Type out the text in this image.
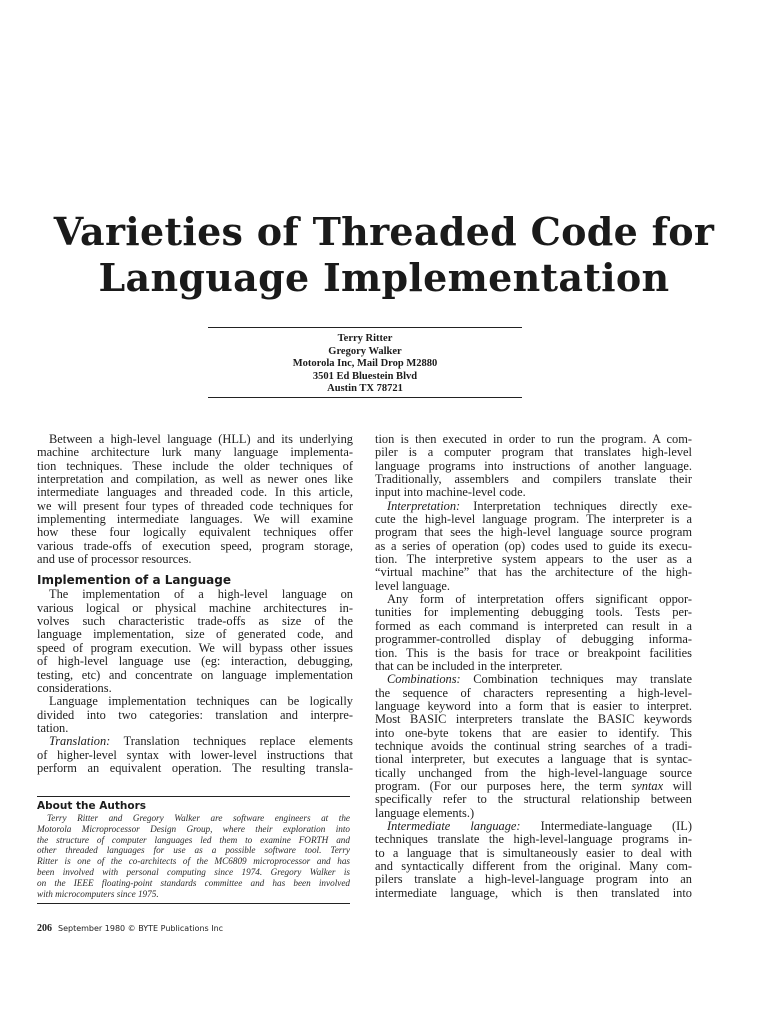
Varieties of Threaded Code for
Language Implementation
Terry Ritter
Gregory Walker
Motorola Inc, Mail Drop M2880
3501 Ed Bluestein Blvd
Austin TX 78721
Between a high-level language (HLL) and its underlying
machine architecture lurk many language implementa-
tion techniques. These include the older techniques of
interpretation and compilation, as well as newer ones like
intermediate languages and threaded code. In this article,
we will present four types of threaded code techniques for
implementing intermediate languages. We will examine
how these four logically equivalent techniques offer
various trade-offs of execution speed, program storage,
and use of processor resources.
Implemention of a Language
The implementation of a high-level language on
various logical or physical machine architectures in-
volves such characteristic trade-offs as size of the
language implementation, size of generated code, and
speed of program execution. We will bypass other issues
of high-level language use (eg: interaction, debugging,
testing, etc) and concentrate on language implementation
considerations.
Language implementation techniques can be logically
divided into two categories: translation and interpre-
tation.
Translation: Translation techniques replace elements
of higher-level syntax with lower-level instructions that
perform an equivalent operation. The resulting transla-
About the Authors
Terry Ritter and Gregory Walker are software engineers at the
Motorola Microprocessor Design Group, where their exploration into
the structure of computer languages led them to examine FORTH and
other threaded languages for use as a possible software tool. Terry
Ritter is one of the co-architects of the MC6809 microprocessor and has
been involved with personal computing since 1974. Gregory Walker is
on the IEEE floating-point standards committee and has been involved
with microcomputers since 1975.
tion is then executed in order to run the program. A com-
piler is a computer program that translates high-level
language programs into instructions of another language.
Traditionally, assemblers and compilers translate their
input into machine-level code.
Interpretation: Interpretation techniques directly exe-
cute the high-level language program. The interpreter is a
program that sees the high-level language source program
as a series of operation (op) codes used to guide its execu-
tion. The interpretive system appears to the user as a
“virtual machine” that has the architecture of the high-
level language.
Any form of interpretation offers significant oppor-
tunities for implementing debugging tools. Tests per-
formed as each command is interpreted can result in a
programmer-controlled display of debugging informa-
tion. This is the basis for trace or breakpoint facilities
that can be included in the interpreter.
Combinations: Combination techniques may translate
the sequence of characters representing a high-level-
language keyword into a form that is easier to interpret.
Most BASIC interpreters translate the BASIC keywords
into one-byte tokens that are easier to identify. This
technique avoids the continual string searches of a tradi-
tional interpreter, but executes a language that is syntac-
tically unchanged from the high-level-language source
program. (For our purposes here, the term syntax will
specifically refer to the structural relationship between
language elements.)
Intermediate language: Intermediate-language (IL)
techniques translate the high-level-language programs in-
to a language that is simultaneously easier to deal with
and syntactically different from the original. Many com-
pilers translate a high-level-language program into an
intermediate language, which is then translated into
206 September 1980 © BYTE Publications Inc
